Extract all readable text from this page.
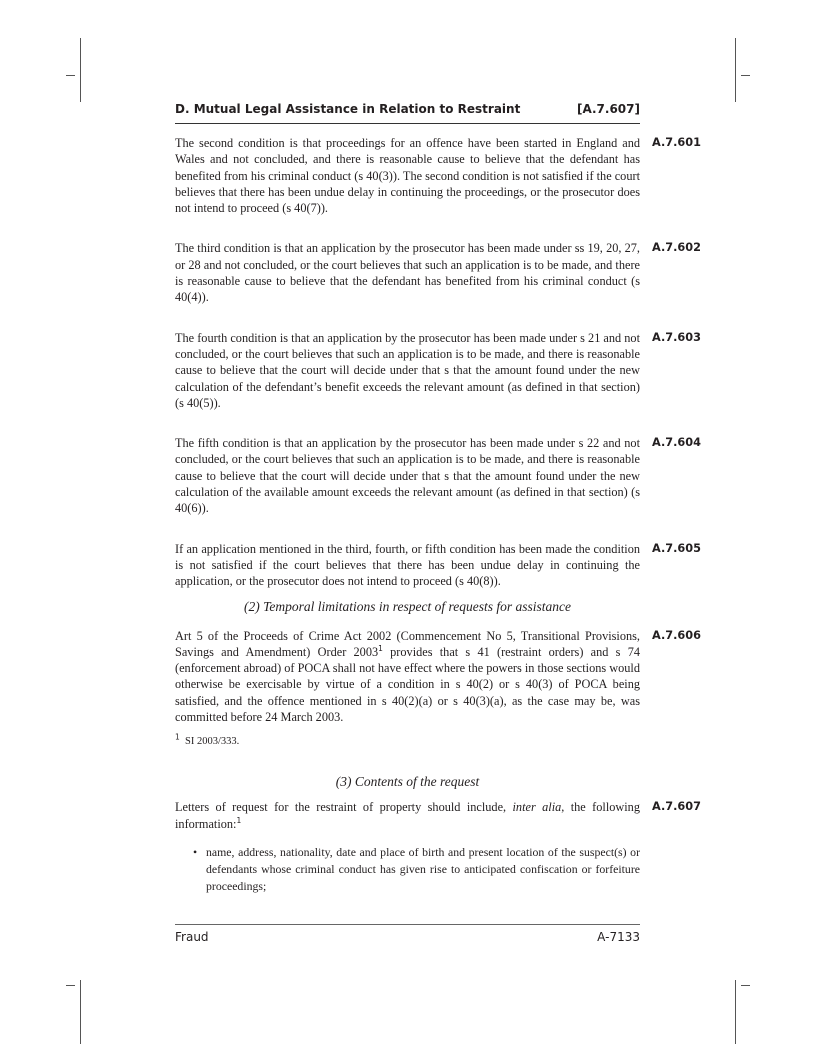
D. Mutual Legal Assistance in Relation to Restraint	[A.7.607]
The second condition is that proceedings for an offence have been started in England and Wales and not concluded, and there is reasonable cause to believe that the defendant has benefited from his criminal conduct (s 40(3)). The second condition is not satisfied if the court believes that there has been undue delay in continuing the proceedings, or the prosecutor does not intend to proceed (s 40(7)).
A.7.601
The third condition is that an application by the prosecutor has been made under ss 19, 20, 27, or 28 and not concluded, or the court believes that such an application is to be made, and there is reasonable cause to believe that the defendant has benefited from his criminal conduct (s 40(4)).
A.7.602
The fourth condition is that an application by the prosecutor has been made under s 21 and not concluded, or the court believes that such an application is to be made, and there is reasonable cause to believe that the court will decide under that s that the amount found under the new calculation of the defendant’s benefit exceeds the relevant amount (as defined in that section) (s 40(5)).
A.7.603
The fifth condition is that an application by the prosecutor has been made under s 22 and not concluded, or the court believes that such an application is to be made, and there is reasonable cause to believe that the court will decide under that s that the amount found under the new calculation of the available amount exceeds the relevant amount (as defined in that section) (s 40(6)).
A.7.604
If an application mentioned in the third, fourth, or fifth condition has been made the condition is not satisfied if the court believes that there has been undue delay in continuing the application, or the prosecutor does not intend to proceed (s 40(8)).
A.7.605
(2) Temporal limitations in respect of requests for assistance
Art 5 of the Proceeds of Crime Act 2002 (Commencement No 5, Transitional Provisions, Savings and Amendment) Order 2003$^1$ provides that s 41 (restraint orders) and s 74 (enforcement abroad) of POCA shall not have effect where the powers in those sections would otherwise be exercisable by virtue of a condition in s 40(2) or s 40(3) of POCA being satisfied, and the offence mentioned in s 40(2)(a) or s 40(3)(a), as the case may be, was committed before 24 March 2003.
A.7.606
$^1$ SI 2003/333.
(3) Contents of the request
Letters of request for the restraint of property should include, inter alia, the following information:$^1$
A.7.607
• name, address, nationality, date and place of birth and present location of the suspect(s) or defendants whose criminal conduct has given rise to anticipated confiscation or forfeiture proceedings;
Fraud	A-7133
